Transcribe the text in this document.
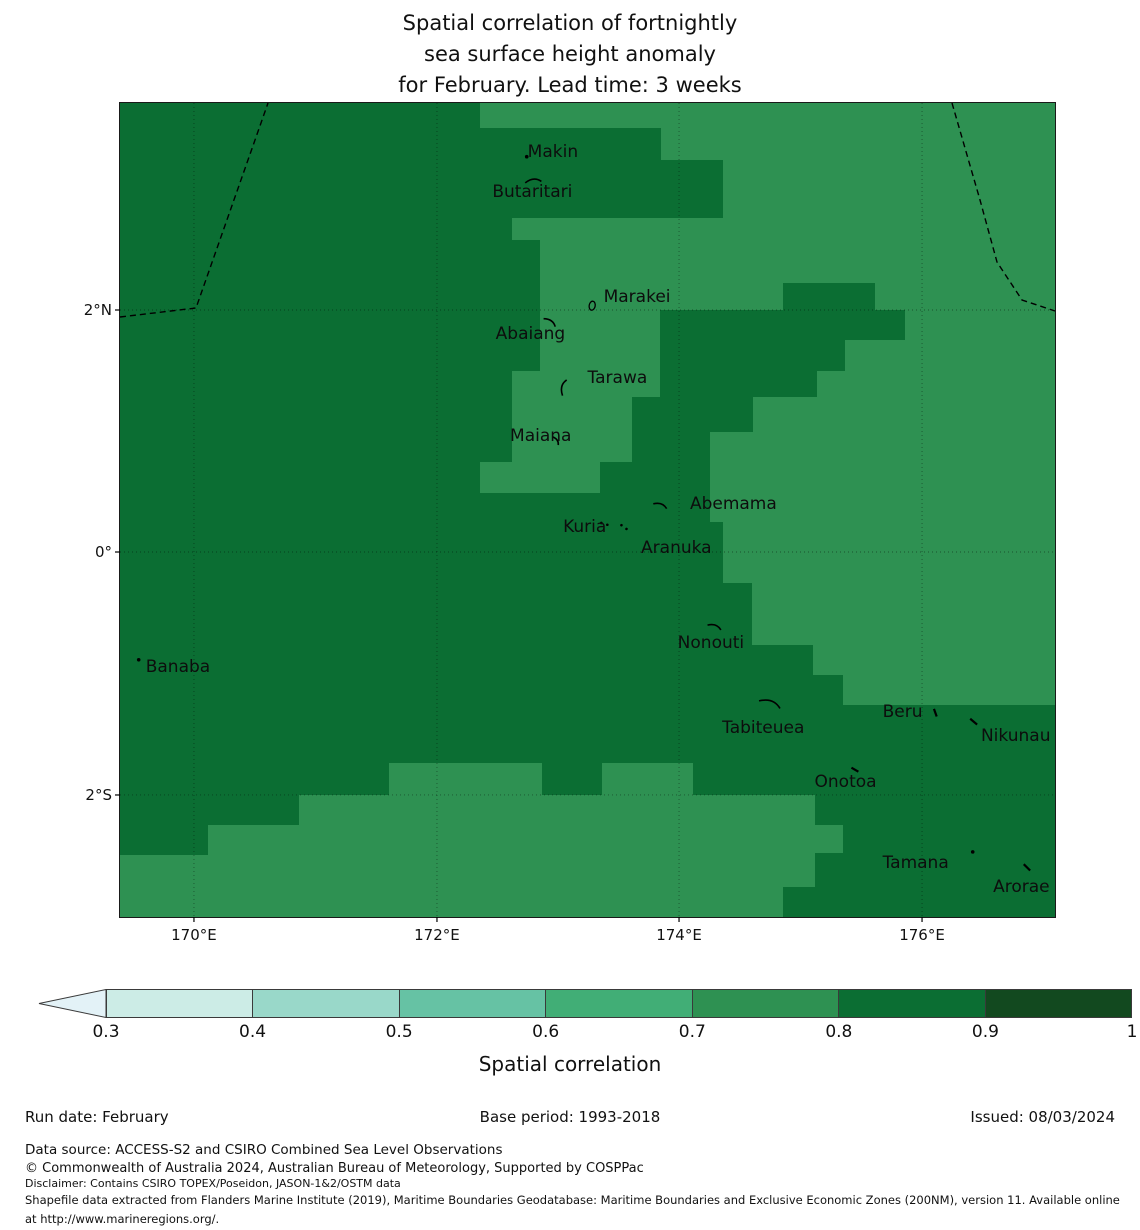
Spatial correlation of fortnightly
sea surface height anomaly
for February. Lead time: 3 weeks
Makin
Butaritari
Marakei
Abaiang
Tarawa
Maiana
Abemama
Kuria
Aranuka
Nonouti
Banaba
Tabiteuea
Beru
Nikunau
Onotoa
Tamana
Arorae
170°E	172°E	174°E	176°E
2°N
0°
2°S
0.3	0.4	0.5	0.6	0.7	0.8	0.9	1
Spatial correlation
Run date: February	Base period: 1993-2018	Issued: 08/03/2024
Data source: ACCESS-S2 and CSIRO Combined Sea Level Observations
© Commonwealth of Australia 2024, Australian Bureau of Meteorology, Supported by COSPPac
Disclaimer: Contains CSIRO TOPEX/Poseidon, JASON-1&2/OSTM data
Shapefile data extracted from Flanders Marine Institute (2019), Maritime Boundaries Geodatabase: Maritime Boundaries and Exclusive Economic Zones (200NM), version 11. Available online at http://www.marineregions.org/.
